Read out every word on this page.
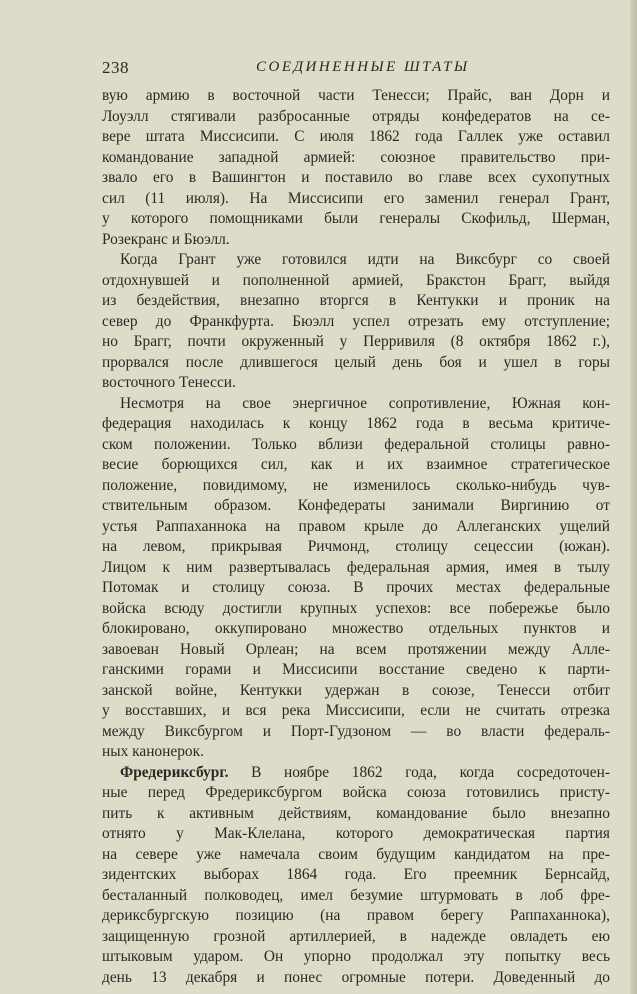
238	СОЕДИНЕННЫЕ ШТАТЫ
вую армию в восточной части Тенесси; Прайс, ван Дорн и
Лоуэлл стягивали разбросанные отряды конфедератов на се-
вере штата Миссисипи. С июля 1862 года Галлек уже оставил
командование западной армией: союзное правительство при-
звало его в Вашингтон и поставило во главе всех сухопутных
сил (11 июля). На Миссисипи его заменил генерал Грант,
у которого помощниками были генералы Скофильд, Шерман,
Розекранс и Бюэлл.
Когда Грант уже готовился идти на Виксбург со своей
отдохнувшей и пополненной армией, Бракстон Брагг, выйдя
из бездействия, внезапно вторгся в Кентукки и проник на
север до Франкфурта. Бюэлл успел отрезать ему отступление;
но Брагг, почти окруженный у Перривиля (8 октября 1862 г.),
прорвался после длившегося целый день боя и ушел в горы
восточного Тенесси.
Несмотря на свое энергичное сопротивление, Южная кон-
федерация находилась к концу 1862 года в весьма критиче-
ском положении. Только вблизи федеральной столицы равно-
весие борющихся сил, как и их взаимное стратегическое
положение, повидимому, не изменилось сколько-нибудь чув-
ствительным образом. Конфедераты занимали Виргинию от
устья Раппаханнока на правом крыле до Аллеганских ущелий
на левом, прикрывая Ричмонд, столицу сецессии (южан).
Лицом к ним развертывалась федеральная армия, имея в тылу
Потомак и столицу союза. В прочих местах федеральные
войска всюду достигли крупных успехов: все побережье было
блокировано, оккупировано множество отдельных пунктов и
завоеван Новый Орлеан; на всем протяжении между Алле-
ганскими горами и Миссисипи восстание сведено к парти-
занской войне, Кентукки удержан в союзе, Тенесси отбит
у восставших, и вся река Миссисипи, если не считать отрезка
между Виксбургом и Порт-Гудзоном — во власти федераль-
ных канонерок.
Фредериксбург. В ноябре 1862 года, когда сосредоточен-
ные перед Фредериксбургом войска союза готовились присту-
пить к активным действиям, командование было внезапно
отнято у Мак-Клелана, которого демократическая партия
на севере уже намечала своим будущим кандидатом на пре-
зидентских выборах 1864 года. Его преемник Бернсайд,
бесталанный полководец, имел безумие штурмовать в лоб фре-
дериксбургскую позицию (на правом берегу Раппаханнока),
защищенную грозной артиллерией, в надежде овладеть ею
штыковым ударом. Он упорно продолжал эту попытку весь
день 13 декабря и понес огромные потери. Доведенный до
